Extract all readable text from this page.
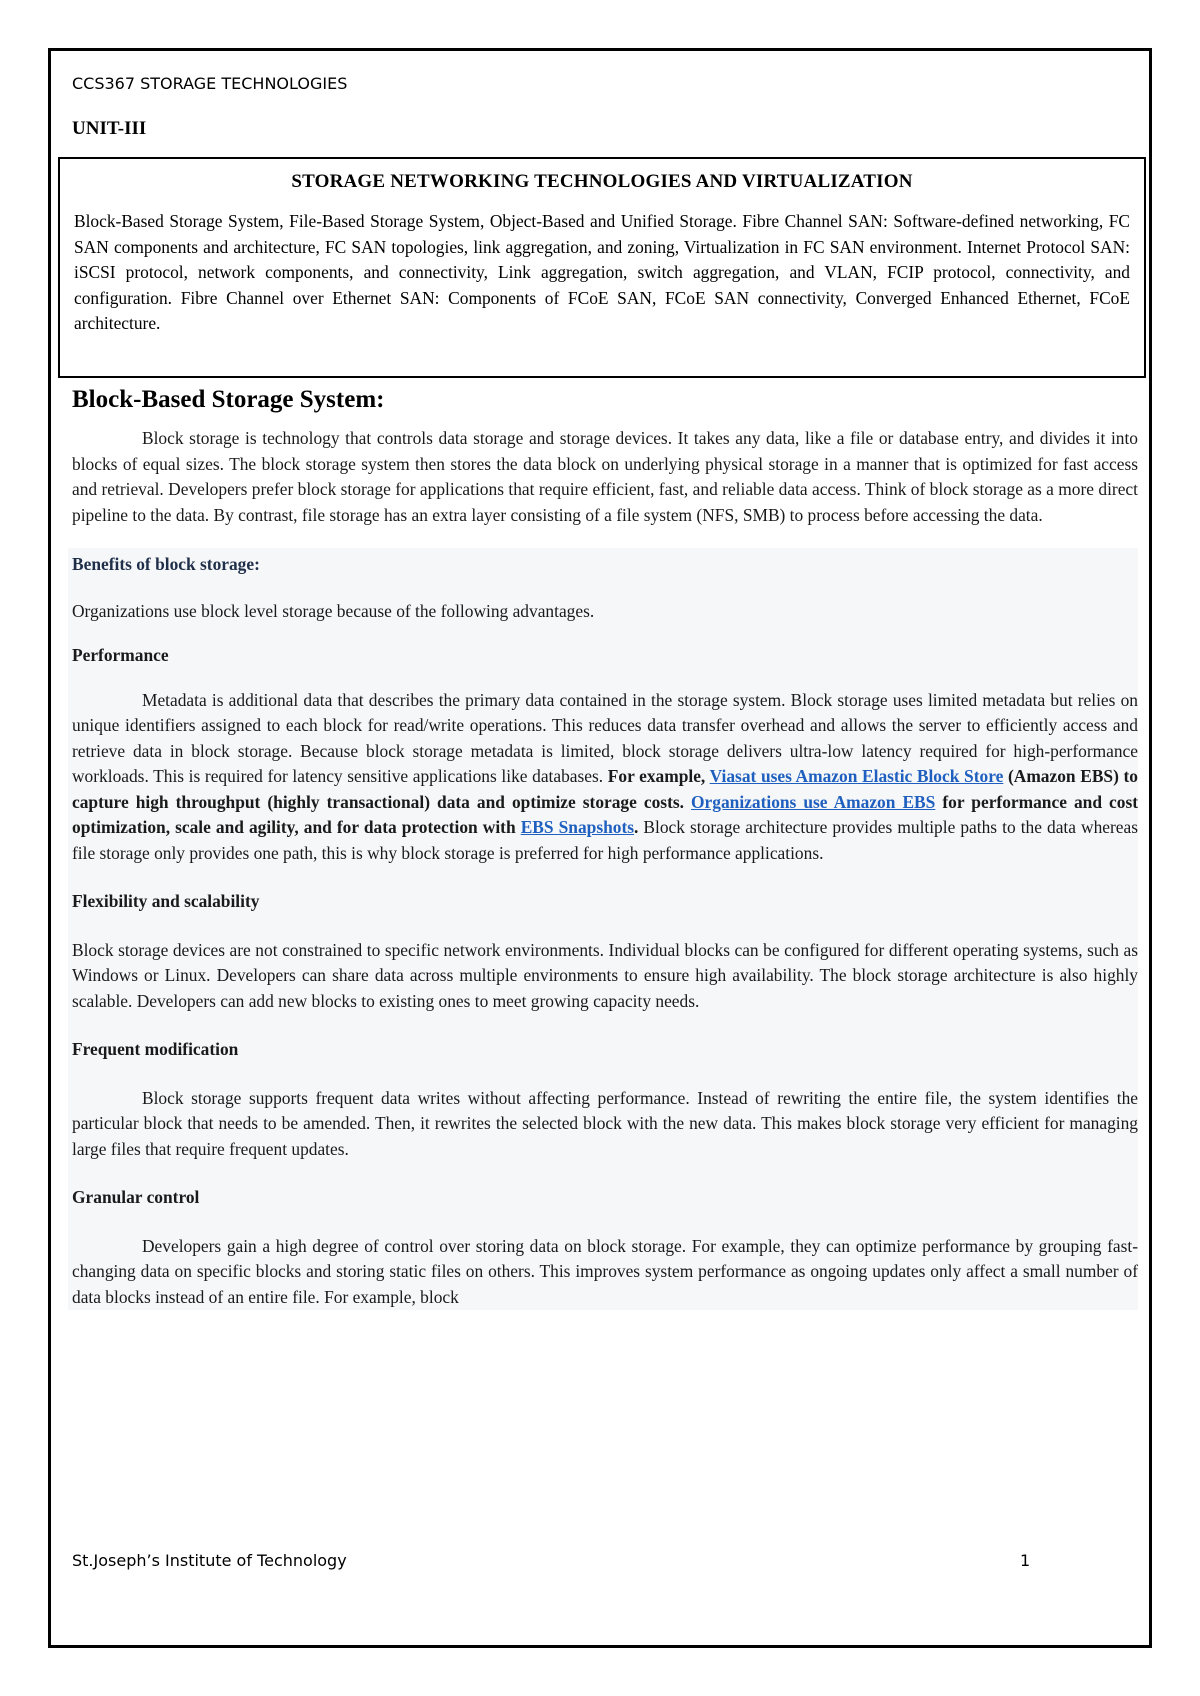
CCS367 STORAGE TECHNOLOGIES
UNIT-III

STORAGE NETWORKING TECHNOLOGIES AND VIRTUALIZATION

Block-Based Storage System, File-Based Storage System, Object-Based and Unified Storage. Fibre Channel SAN: Software-defined networking, FC SAN components and architecture, FC SAN topologies, link aggregation, and zoning, Virtualization in FC SAN environment. Internet Protocol SAN: iSCSI protocol, network components, and connectivity, Link aggregation, switch aggregation, and VLAN, FCIP protocol, connectivity, and configuration. Fibre Channel over Ethernet SAN: Components of FCoE SAN, FCoE SAN connectivity, Converged Enhanced Ethernet, FCoE architecture.

Block-Based Storage System:

Block storage is technology that controls data storage and storage devices. It takes any data, like a file or database entry, and divides it into blocks of equal sizes. The block storage system then stores the data block on underlying physical storage in a manner that is optimized for fast access and retrieval. Developers prefer block storage for applications that require efficient, fast, and reliable data access. Think of block storage as a more direct pipeline to the data. By contrast, file storage has an extra layer consisting of a file system (NFS, SMB) to process before accessing the data.

Benefits of block storage:

Organizations use block level storage because of the following advantages.

Performance

Metadata is additional data that describes the primary data contained in the storage system. Block storage uses limited metadata but relies on unique identifiers assigned to each block for read/write operations. This reduces data transfer overhead and allows the server to efficiently access and retrieve data in block storage. Because block storage metadata is limited, block storage delivers ultra-low latency required for high-performance workloads. This is required for latency sensitive applications like databases. For example, Viasat uses Amazon Elastic Block Store (Amazon EBS) to capture high throughput (highly transactional) data and optimize storage costs. Organizations use Amazon EBS for performance and cost optimization, scale and agility, and for data protection with EBS Snapshots. Block storage architecture provides multiple paths to the data whereas file storage only provides one path, this is why block storage is preferred for high performance applications.

Flexibility and scalability

Block storage devices are not constrained to specific network environments. Individual blocks can be configured for different operating systems, such as Windows or Linux. Developers can share data across multiple environments to ensure high availability. The block storage architecture is also highly scalable. Developers can add new blocks to existing ones to meet growing capacity needs.

Frequent modification

Block storage supports frequent data writes without affecting performance. Instead of rewriting the entire file, the system identifies the particular block that needs to be amended. Then, it rewrites the selected block with the new data. This makes block storage very efficient for managing large files that require frequent updates.

Granular control

Developers gain a high degree of control over storing data on block storage. For example, they can optimize performance by grouping fast-changing data on specific blocks and storing static files on others. This improves system performance as ongoing updates only affect a small number of data blocks instead of an entire file. For example, block

St.Joseph’s Institute of Technology	1
